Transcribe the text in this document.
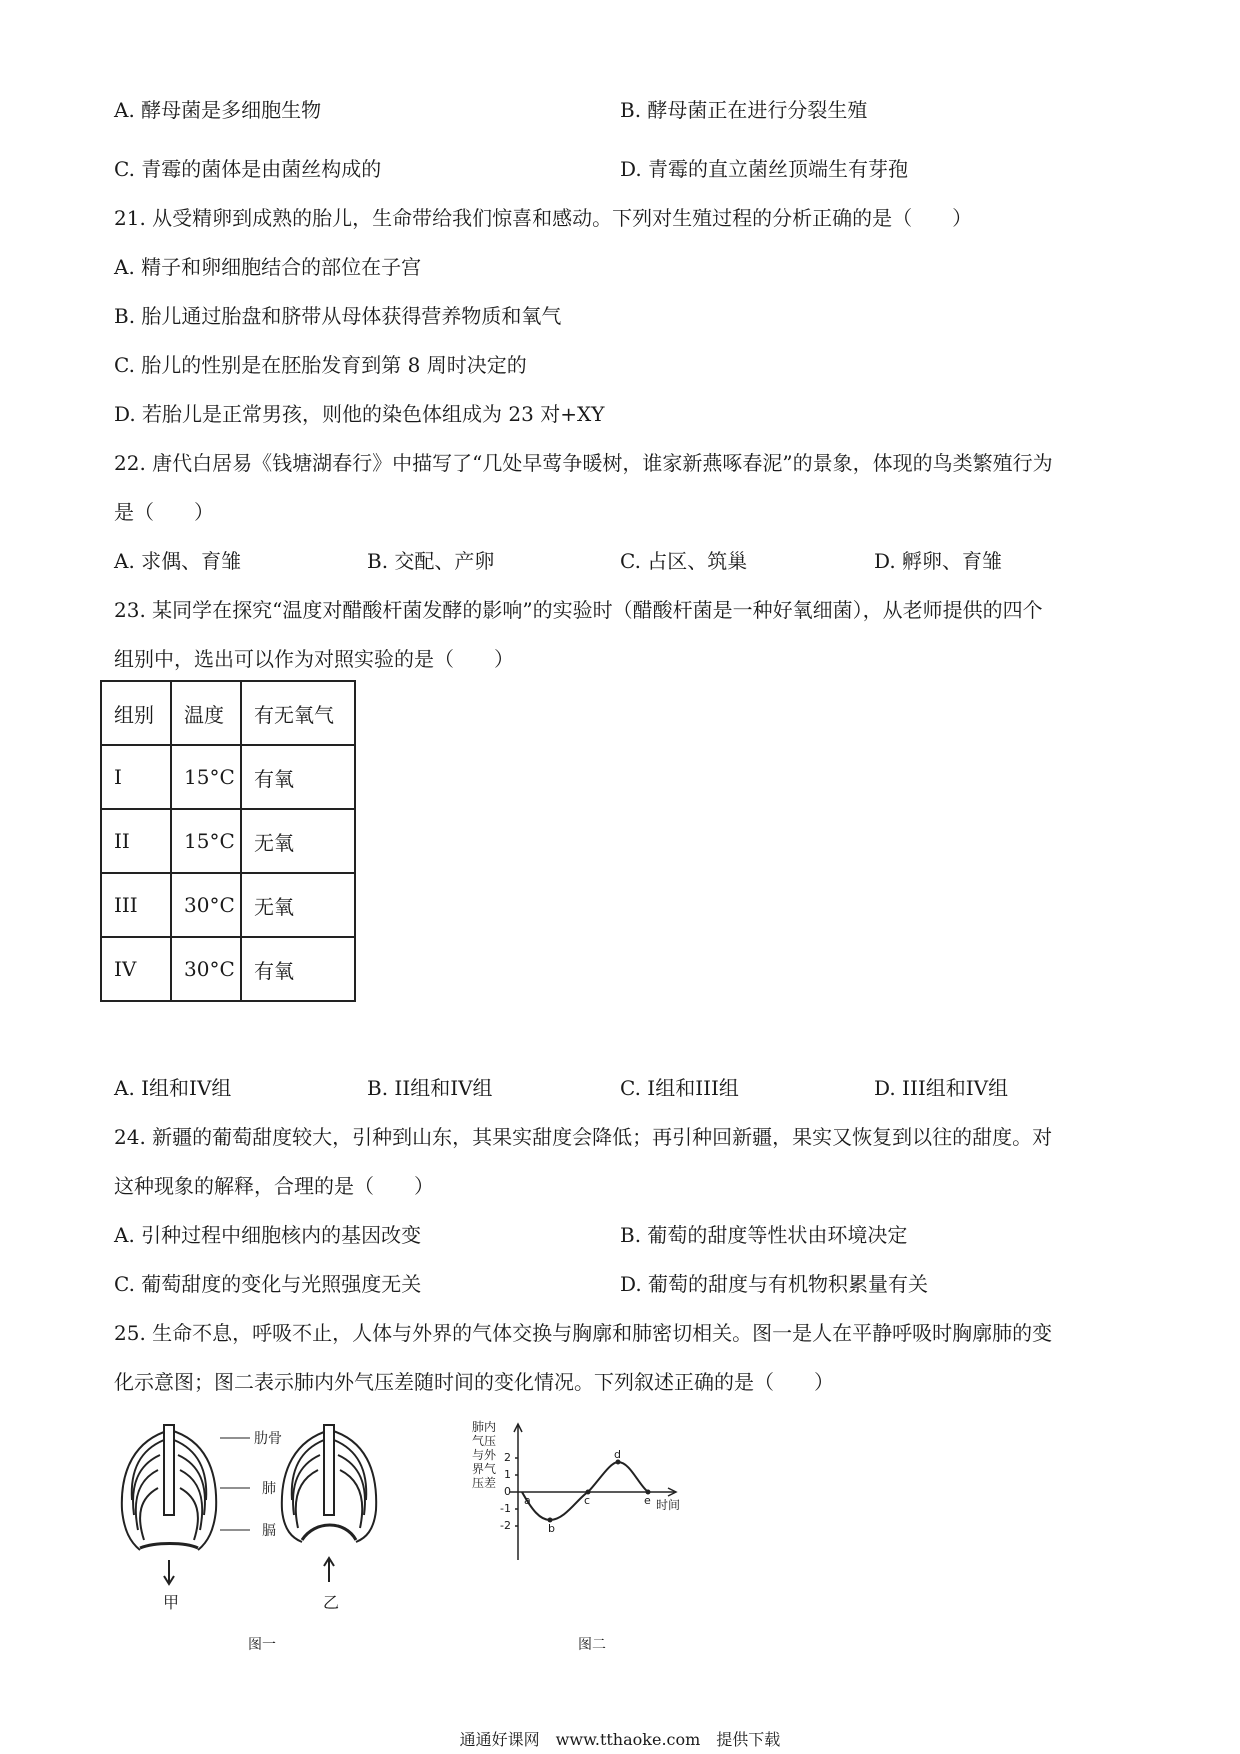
A. 酵母菌是多细胞生物	B. 酵母菌正在进行分裂生殖
C. 青霉的菌体是由菌丝构成的	D. 青霉的直立菌丝顶端生有芽孢
21. 从受精卵到成熟的胎儿，生命带给我们惊喜和感动。下列对生殖过程的分析正确的是（　　）
A. 精子和卵细胞结合的部位在子宫
B. 胎儿通过胎盘和脐带从母体获得营养物质和氧气
C. 胎儿的性别是在胚胎发育到第 8 周时决定的
D. 若胎儿是正常男孩，则他的染色体组成为 23 对+XY
22. 唐代白居易《钱塘湖春行》中描写了“几处早莺争暖树，谁家新燕啄春泥”的景象，体现的鸟类繁殖行为
是（　　）
A. 求偶、育雏	B. 交配、产卵	C. 占区、筑巢	D. 孵卵、育雏
23. 某同学在探究“温度对醋酸杆菌发酵的影响”的实验时（醋酸杆菌是一种好氧细菌），从老师提供的四个
组别中，选出可以作为对照实验的是（　　）
组别	温度	有无氧气
I	15°C	有氧
II	15°C	无氧
III	30°C	无氧
IV	30°C	有氧
A. I组和IV组	B. II组和IV组	C. I组和III组	D. III组和IV组
24. 新疆的葡萄甜度较大，引种到山东，其果实甜度会降低；再引种回新疆，果实又恢复到以往的甜度。对
这种现象的解释，合理的是（　　）
A. 引种过程中细胞核内的基因改变	B. 葡萄的甜度等性状由环境决定
C. 葡萄甜度的变化与光照强度无关	D. 葡萄的甜度与有机物积累量有关
25. 生命不息，呼吸不止，人体与外界的气体交换与胸廓和肺密切相关。图一是人在平静呼吸时胸廓肺的变
化示意图；图二表示肺内外气压差随时间的变化情况。下列叙述正确的是（　　）
肋骨
肺
膈
甲	乙
图一
肺内气压与外界气压差
时间
2
1
0
-1
-2
a
b
c
d
e
图二
通通好课网　www.tthaoke.com　提供下载
